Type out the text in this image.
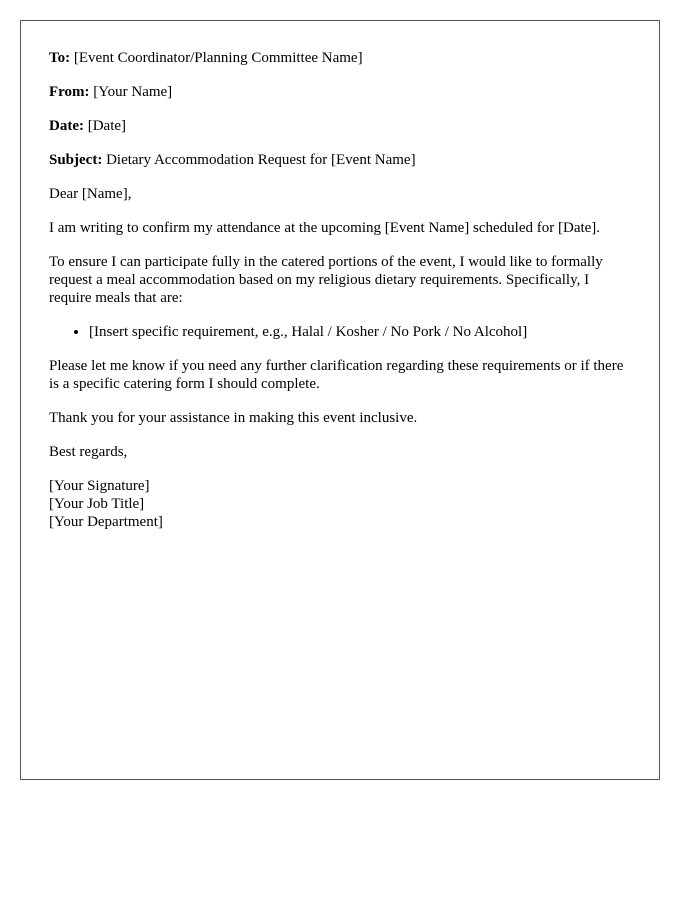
To: [Event Coordinator/Planning Committee Name]

From: [Your Name]

Date: [Date]

Subject: Dietary Accommodation Request for [Event Name]

Dear [Name],

I am writing to confirm my attendance at the upcoming [Event Name] scheduled for [Date].

To ensure I can participate fully in the catered portions of the event, I would like to formally request a meal accommodation based on my religious dietary requirements. Specifically, I require meals that are:

• [Insert specific requirement, e.g., Halal / Kosher / No Pork / No Alcohol]

Please let me know if you need any further clarification regarding these requirements or if there is a specific catering form I should complete.

Thank you for your assistance in making this event inclusive.

Best regards,

[Your Signature]

[Your Job Title]

[Your Department]
